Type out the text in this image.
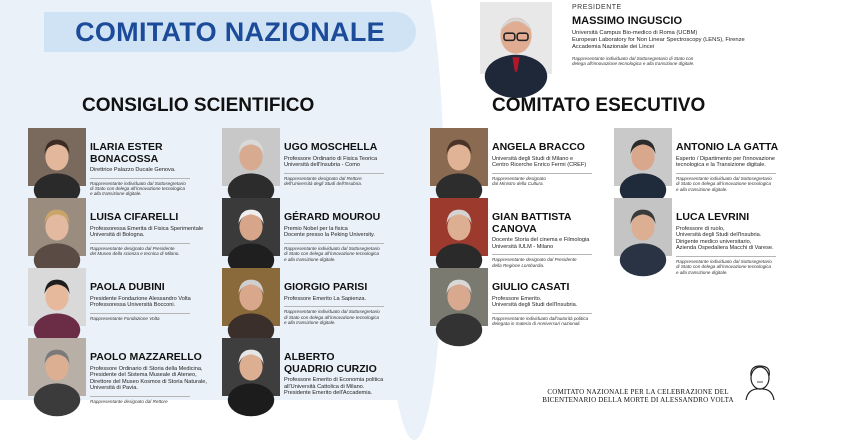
COMITATO NAZIONALE
PRESIDENTE
MASSIMO INGUSCIO
Università Campus Bio-medico di Roma (UCBM)
European Laboratory for Non Linear Spectroscopy (LENS), Firenze
Accademia Nazionale dei Lincei
Rappresentante individuato dal Sottosegretario di Stato con
delega all'innovazione tecnologica e alla transizione digitale.
CONSIGLIO SCIENTIFICO	COMITATO ESECUTIVO
ILARIA ESTER
BONACOSSA
Direttrice Palazzo Ducale Genova.
Rappresentante individuato dal Sottosegretario
di Stato con delega all'innovazione tecnologica
e alla transizione digitale.
UGO MOSCHELLA
Professore Ordinario di Fisica Teorica
Università dell'Insubria - Como
Rappresentante designato dal Rettore
dell'Università degli Studi dell'Insubria.
LUISA CIFARELLI
Professoressa Emerita di Fisica Sperimentale
Università di Bologna.
Rappresentante designato dal Presidente
del Museo della scienza e tecnica di Milano.
GÉRARD MOUROU
Premio Nobel per la fisica
Docente presso la Peking University.
Rappresentante individuato dal Sottosegretario
di Stato con delega all'innovazione tecnologica
e alla transizione digitale.
PAOLA DUBINI
Presidente Fondazione Alessandro Volta
Professoressa Università Bocconi.
Rappresentante Fondazione Volta
GIORGIO PARISI
Professore Emerito La Sapienza.
Rappresentante individuato dal Sottosegretario
di Stato con delega all'innovazione tecnologica
e alla transizione digitale.
PAOLO MAZZARELLO
Professore Ordinario di Storia della Medicina,
Presidente del Sistema Museale di Ateneo,
Direttore del Museo Kosmos di Storia Naturale,
Università di Pavia.
Rappresentante designato dal Rettore
ALBERTO
QUADRIO CURZIO
Professore Emerito di Economia politica
all'Università Cattolica di Milano.
Presidente Emerito dell'Accademia.
ANGELA BRACCO
Università degli Studi di Milano e
Centro Ricerche Enrico Fermi (CREF)
Rappresentante designato
dal Ministro della Cultura.
ANTONIO LA GATTA
Esperto / Dipartimento per l'innovazione
tecnologica e la Transizione digitale.
Rappresentante individuato dal Sottosegretario
di Stato con delega all'innovazione tecnologica
e alla transizione digitale.
GIAN BATTISTA
CANOVA
Docente Storia del cinema e Filmologia
Università IULM - Milano
Rappresentante designato dal Presidente
della Regione Lombardia.
LUCA LEVRINI
Professore di ruolo,
Università degli Studi dell'Insubria.
Dirigente medico universitario,
Azienda Ospedaliera Macchi di Varese.
Rappresentante individuato dal Sottosegretario
di Stato con delega all'innovazione tecnologica
e alla transizione digitale.
GIULIO CASATI
Professore Emerito.
Università degli Studi dell'Insubria.
Rappresentante individuato dall'autorità politica
delegata in materia di Anniversari nazionali.
COMITATO NAZIONALE PER LA CELEBRAZIONE DEL
BICENTENARIO DELLA MORTE DI ALESSANDRO VOLTA
